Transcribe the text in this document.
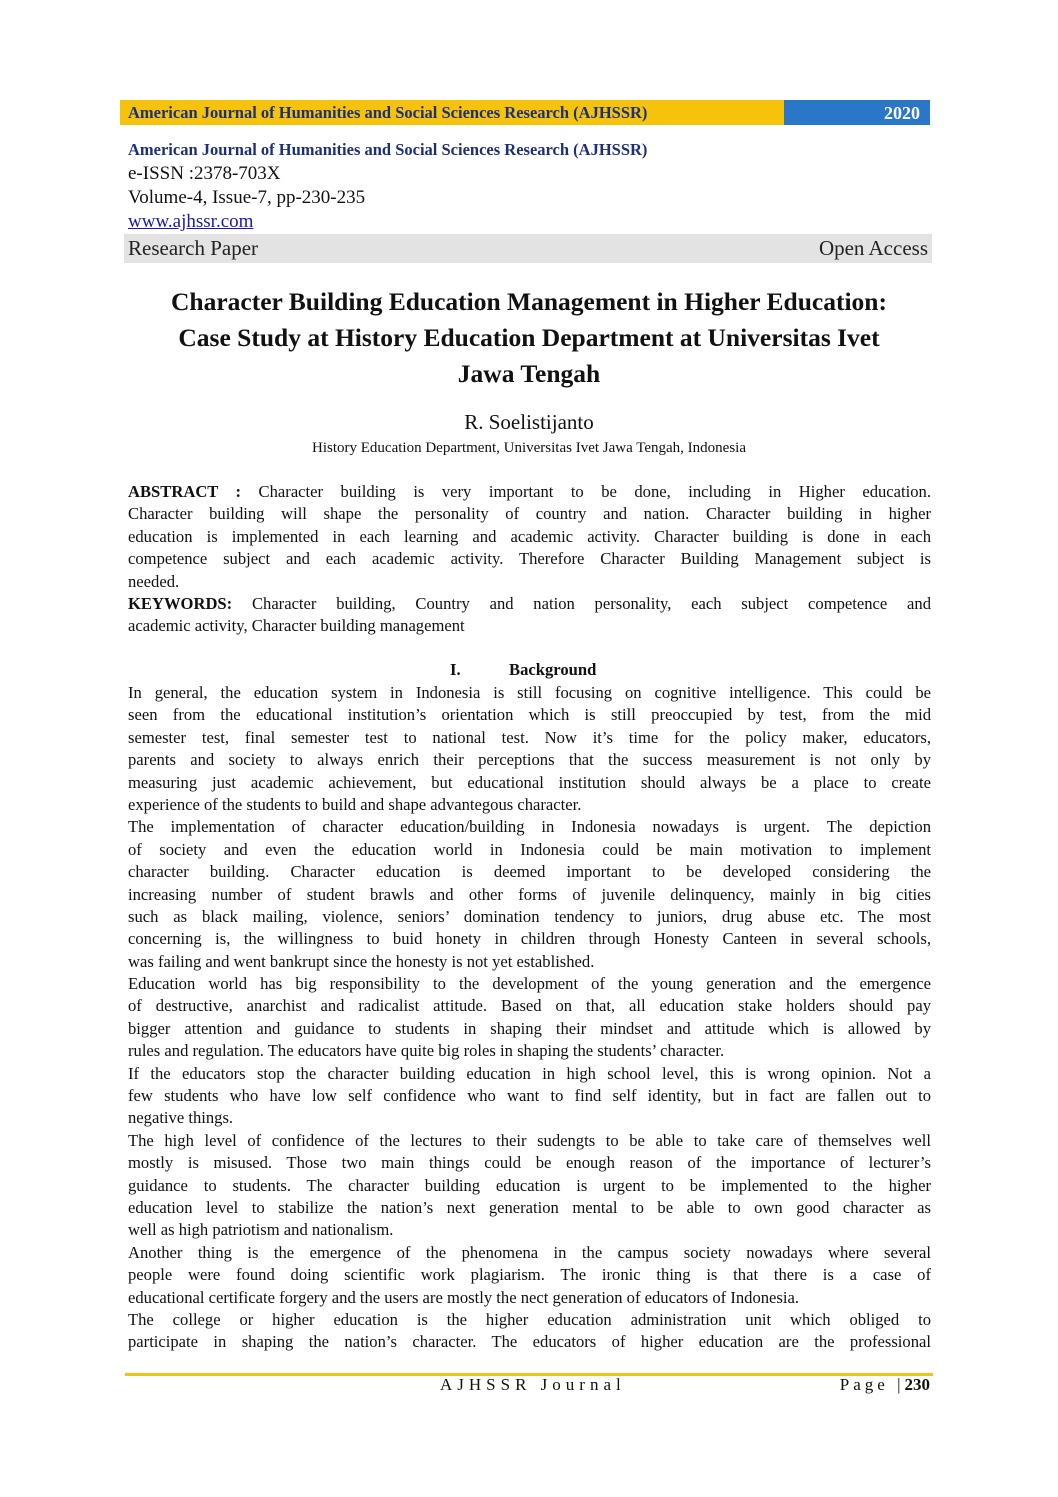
American Journal of Humanities and Social Sciences Research (AJHSSR)	2020
American Journal of Humanities and Social Sciences Research (AJHSSR)
e-ISSN :2378-703X
Volume-4, Issue-7, pp-230-235
www.ajhssr.com
Research Paper	Open Access
Character Building Education Management in Higher Education:
Case Study at History Education Department at Universitas Ivet
Jawa Tengah
R. Soelistijanto
History Education Department, Universitas Ivet Jawa Tengah, Indonesia
ABSTRACT : Character building is very important to be done, including in Higher education.
Character building will shape the personality of country and nation. Character building in higher
education is implemented in each learning and academic activity. Character building is done in each
competence subject and each academic activity. Therefore Character Building Management subject is
needed.
KEYWORDS: Character building, Country and nation personality, each subject competence and
academic activity, Character building management
I.	Background
In general, the education system in Indonesia is still focusing on cognitive intelligence. This could be
seen from the educational institution’s orientation which is still preoccupied by test, from the mid
semester test, final semester test to national test. Now it’s time for the policy maker, educators,
parents and society to always enrich their perceptions that the success measurement is not only by
measuring just academic achievement, but educational institution should always be a place to create
experience of the students to build and shape advantegous character.
The implementation of character education/building in Indonesia nowadays is urgent. The depiction
of society and even the education world in Indonesia could be main motivation to implement
character building. Character education is deemed important to be developed considering the
increasing number of student brawls and other forms of juvenile delinquency, mainly in big cities
such as black mailing, violence, seniors’ domination tendency to juniors, drug abuse etc. The most
concerning is, the willingness to buid honety in children through Honesty Canteen in several schools,
was failing and went bankrupt since the honesty is not yet established.
Education world has big responsibility to the development of the young generation and the emergence
of destructive, anarchist and radicalist attitude. Based on that, all education stake holders should pay
bigger attention and guidance to students in shaping their mindset and attitude which is allowed by
rules and regulation. The educators have quite big roles in shaping the students’ character.
If the educators stop the character building education in high school level, this is wrong opinion. Not a
few students who have low self confidence who want to find self identity, but in fact are fallen out to
negative things.
The high level of confidence of the lectures to their sudengts to be able to take care of themselves well
mostly is misused. Those two main things could be enough reason of the importance of lecturer’s
guidance to students. The character building education is urgent to be implemented to the higher
education level to stabilize the nation’s next generation mental to be able to own good character as
well as high patriotism and nationalism.
Another thing is the emergence of the phenomena in the campus society nowadays where several
people were found doing scientific work plagiarism. The ironic thing is that there is a case of
educational certificate forgery and the users are mostly the nect generation of educators of Indonesia.
The college or higher education is the higher education administration unit which obliged to
participate in shaping the nation’s character. The educators of higher education are the professional
AJHSSR Journal	Page |230
